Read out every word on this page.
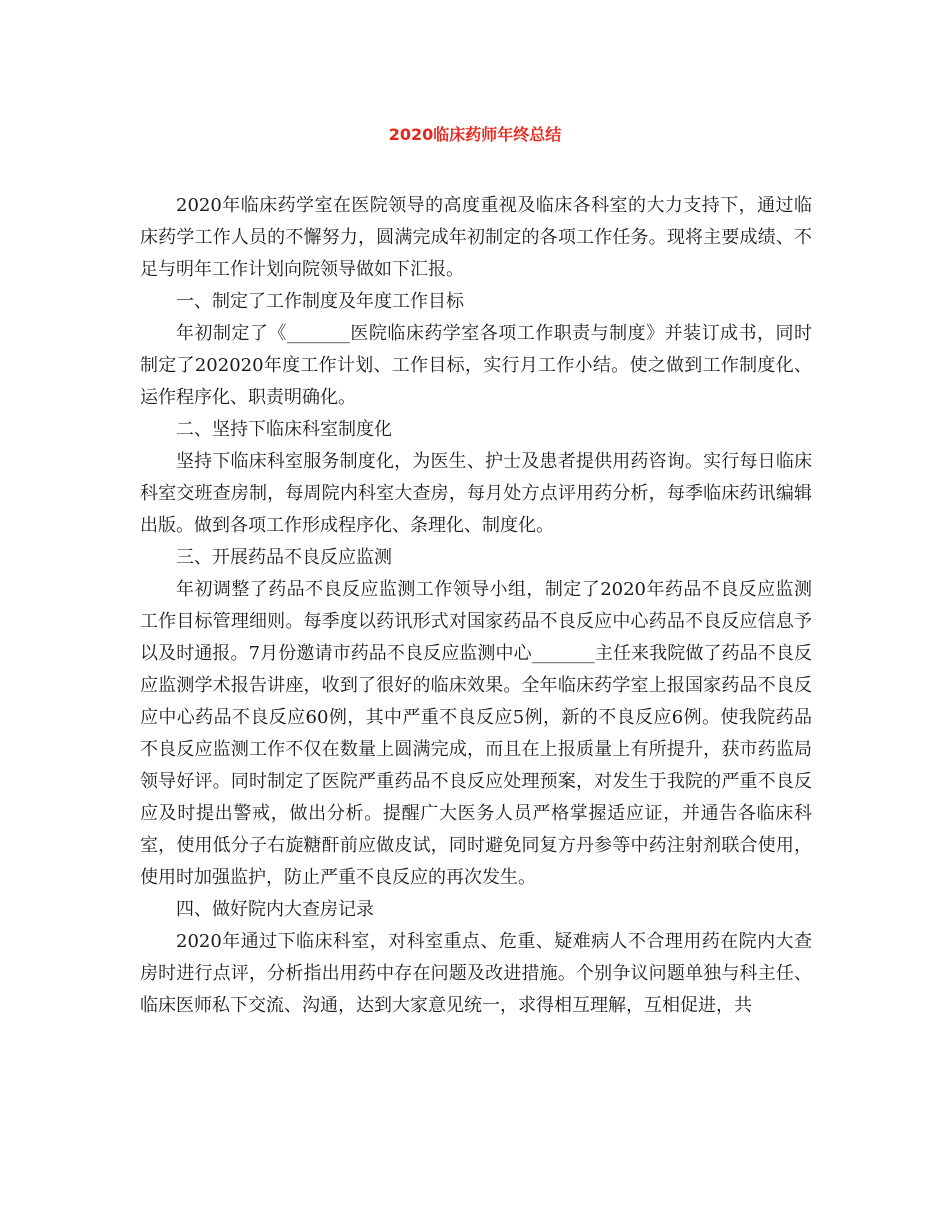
2020临床药师年终总结

2020年临床药学室在医院领导的高度重视及临床各科室的大力支持下，通过临床药学工作人员的不懈努力，圆满完成年初制定的各项工作任务。现将主要成绩、不足与明年工作计划向院领导做如下汇报。

一、制定了工作制度及年度工作目标

年初制定了《_______医院临床药学室各项工作职责与制度》并装订成书，同时制定了202020年度工作计划、工作目标，实行月工作小结。使之做到工作制度化、运作程序化、职责明确化。

二、坚持下临床科室制度化

坚持下临床科室服务制度化，为医生、护士及患者提供用药咨询。实行每日临床科室交班查房制，每周院内科室大查房，每月处方点评用药分析，每季临床药讯编辑出版。做到各项工作形成程序化、条理化、制度化。

三、开展药品不良反应监测

年初调整了药品不良反应监测工作领导小组，制定了2020年药品不良反应监测工作目标管理细则。每季度以药讯形式对国家药品不良反应中心药品不良反应信息予以及时通报。7月份邀请市药品不良反应监测中心_______主任来我院做了药品不良反应监测学术报告讲座，收到了很好的临床效果。全年临床药学室上报国家药品不良反应中心药品不良反应60例，其中严重不良反应5例，新的不良反应6例。使我院药品不良反应监测工作不仅在数量上圆满完成，而且在上报质量上有所提升，获市药监局领导好评。同时制定了医院严重药品不良反应处理预案，对发生于我院的严重不良反应及时提出警戒，做出分析。提醒广大医务人员严格掌握适应证，并通告各临床科室，使用低分子右旋糖酐前应做皮试，同时避免同复方丹参等中药注射剂联合使用，使用时加强监护，防止严重不良反应的再次发生。

四、做好院内大查房记录

2020年通过下临床科室，对科室重点、危重、疑难病人不合理用药在院内大查房时进行点评，分析指出用药中存在问题及改进措施。个别争议问题单独与科主任、临床医师私下交流、沟通，达到大家意见统一，求得相互理解，互相促进，共
